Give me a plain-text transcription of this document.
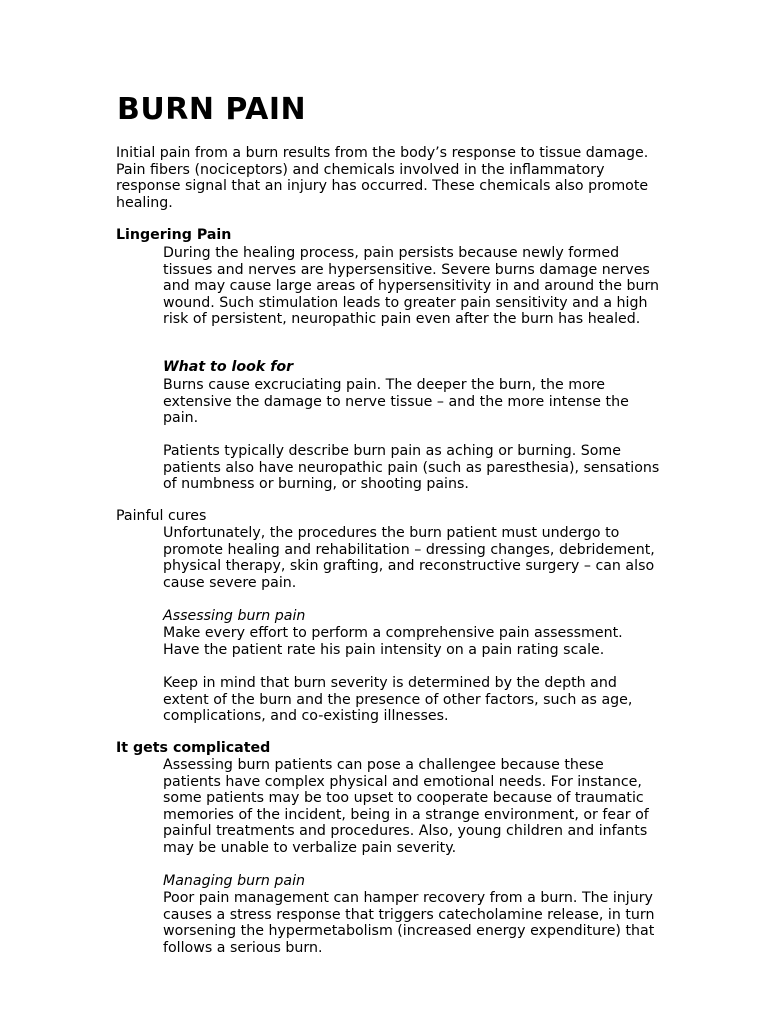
BURN PAIN

Initial pain from a burn results from the body’s response to tissue damage. Pain fibers (nociceptors) and chemicals involved in the inflammatory response signal that an injury has occurred. These chemicals also promote healing.

Lingering Pain

During the healing process, pain persists because newly formed tissues and nerves are hypersensitive. Severe burns damage nerves and may cause large areas of hypersensitivity in and around the burn wound. Such stimulation leads to greater pain sensitivity and a high risk of persistent, neuropathic pain even after the burn has healed.

What to look for

Burns cause excruciating pain. The deeper the burn, the more extensive the damage to nerve tissue – and the more intense the pain.

Patients typically describe burn pain as aching or burning. Some patients also have neuropathic pain (such as paresthesia), sensations of numbness or burning, or shooting pains.

Painful cures

Unfortunately, the procedures the burn patient must undergo to promote healing and rehabilitation – dressing changes, debridement, physical therapy, skin grafting, and reconstructive surgery – can also cause severe pain.

Assessing burn pain

Make every effort to perform a comprehensive pain assessment. Have the patient rate his pain intensity on a pain rating scale.

Keep in mind that burn severity is determined by the depth and extent of the burn and the presence of other factors, such as age, complications, and co-existing illnesses.

It gets complicated

Assessing burn patients can pose a challengee because these patients have complex physical and emotional needs. For instance, some patients may be too upset to cooperate because of traumatic memories of the incident, being in a strange environment, or fear of painful treatments and procedures. Also, young children and infants may be unable to verbalize pain severity.

Managing burn pain

Poor pain management can hamper recovery from a burn. The injury causes a stress response that triggers catecholamine release, in turn worsening the hypermetabolism (increased energy expenditure) that follows a serious burn.
